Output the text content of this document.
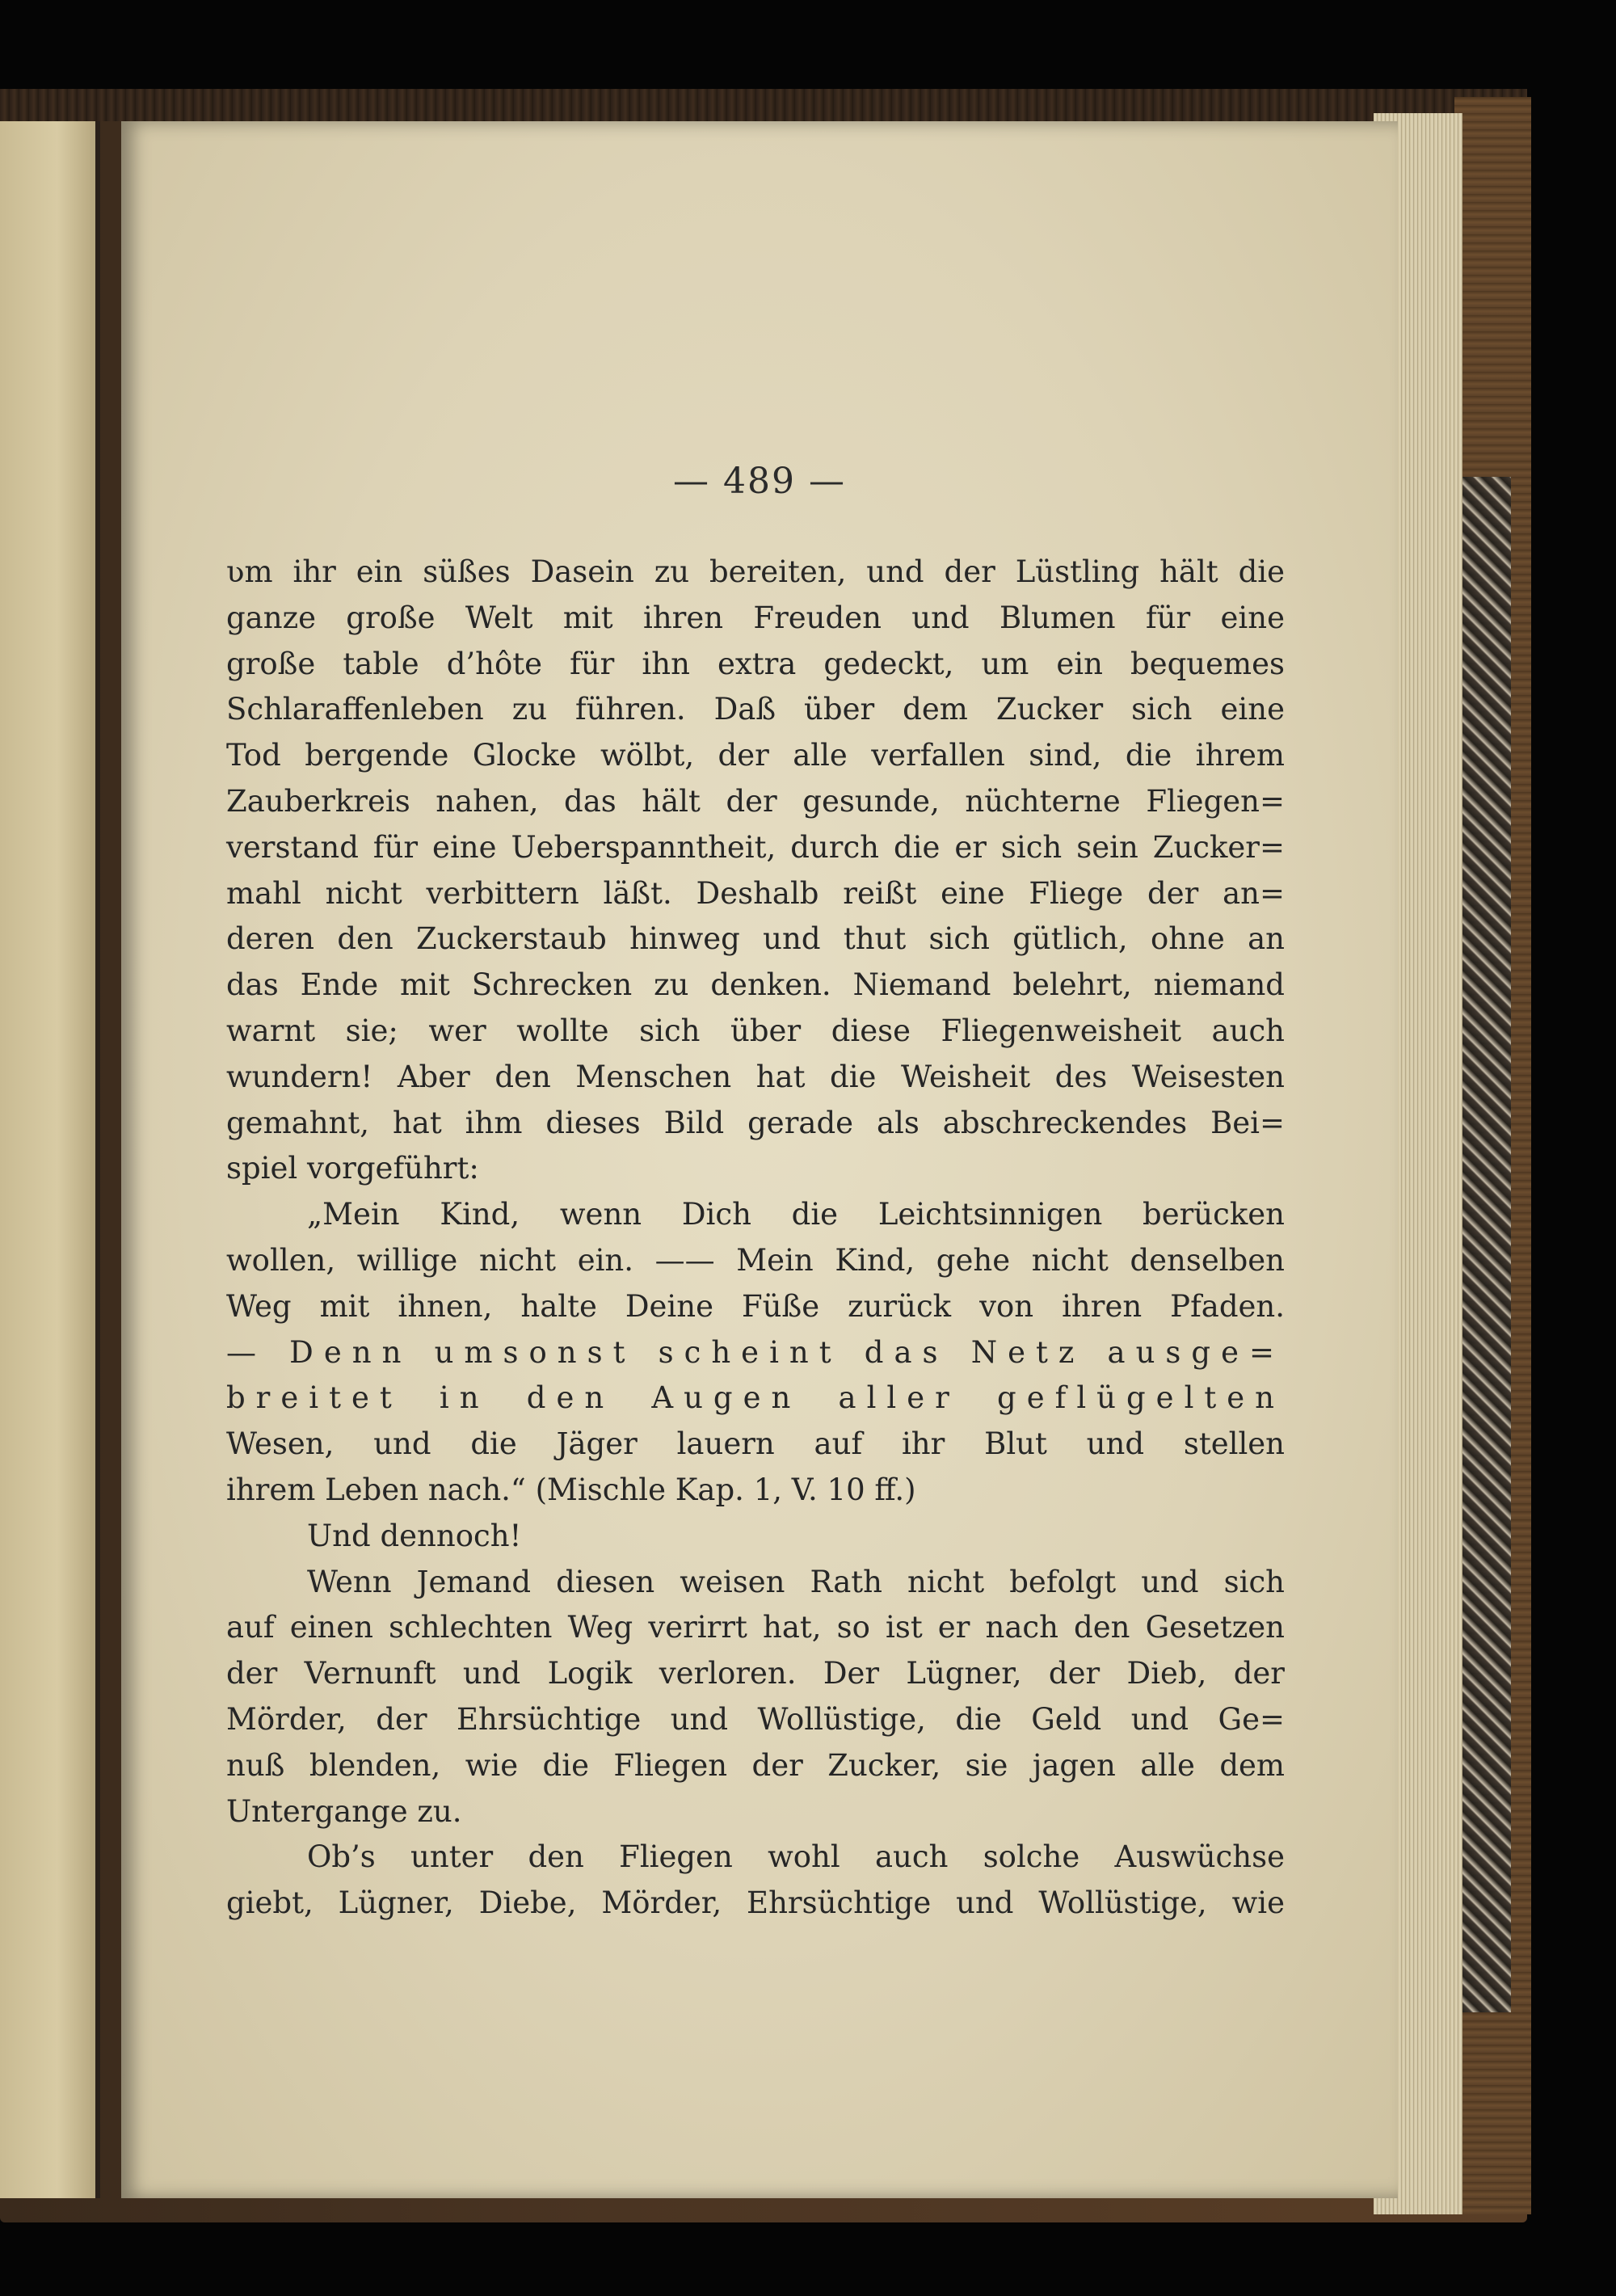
— 489 —
ʋm ihr ein süßes Dasein zu bereiten, und der Lüstling hält die
ganze große Welt mit ihren Freuden und Blumen für eine
große table d’hôte für ihn extra gedeckt, um ein bequemes
Schlaraffenleben zu führen. Daß über dem Zucker sich eine
Tod bergende Glocke wölbt, der alle verfallen sind, die ihrem
Zauberkreis nahen, das hält der gesunde, nüchterne Fliegen=
verstand für eine Ueberspanntheit, durch die er sich sein Zucker=
mahl nicht verbittern läßt. Deshalb reißt eine Fliege der an=
deren den Zuckerstaub hinweg und thut sich gütlich, ohne an
das Ende mit Schrecken zu denken. Niemand belehrt, niemand
warnt sie; wer wollte sich über diese Fliegenweisheit auch
wundern! Aber den Menschen hat die Weisheit des Weisesten
gemahnt, hat ihm dieses Bild gerade als abschreckendes Bei=
spiel vorgeführt:
„Mein Kind, wenn Dich die Leichtsinnigen berücken
wollen, willige nicht ein. —— Mein Kind, gehe nicht denselben
Weg mit ihnen, halte Deine Füße zurück von ihren Pfaden.
— Denn umsonst scheint das Netz ausge=
breitet in den Augen aller geflügelten
Wesen, und die Jäger lauern auf ihr Blut und stellen
ihrem Leben nach.“ (Mischle Kap. 1, V. 10 ff.)
Und dennoch!
Wenn Jemand diesen weisen Rath nicht befolgt und sich
auf einen schlechten Weg verirrt hat, so ist er nach den Gesetzen
der Vernunft und Logik verloren. Der Lügner, der Dieb, der
Mörder, der Ehrsüchtige und Wollüstige, die Geld und Ge=
nuß blenden, wie die Fliegen der Zucker, sie jagen alle dem
Untergange zu.
Ob’s unter den Fliegen wohl auch solche Auswüchse
giebt, Lügner, Diebe, Mörder, Ehrsüchtige und Wollüstige, wie
